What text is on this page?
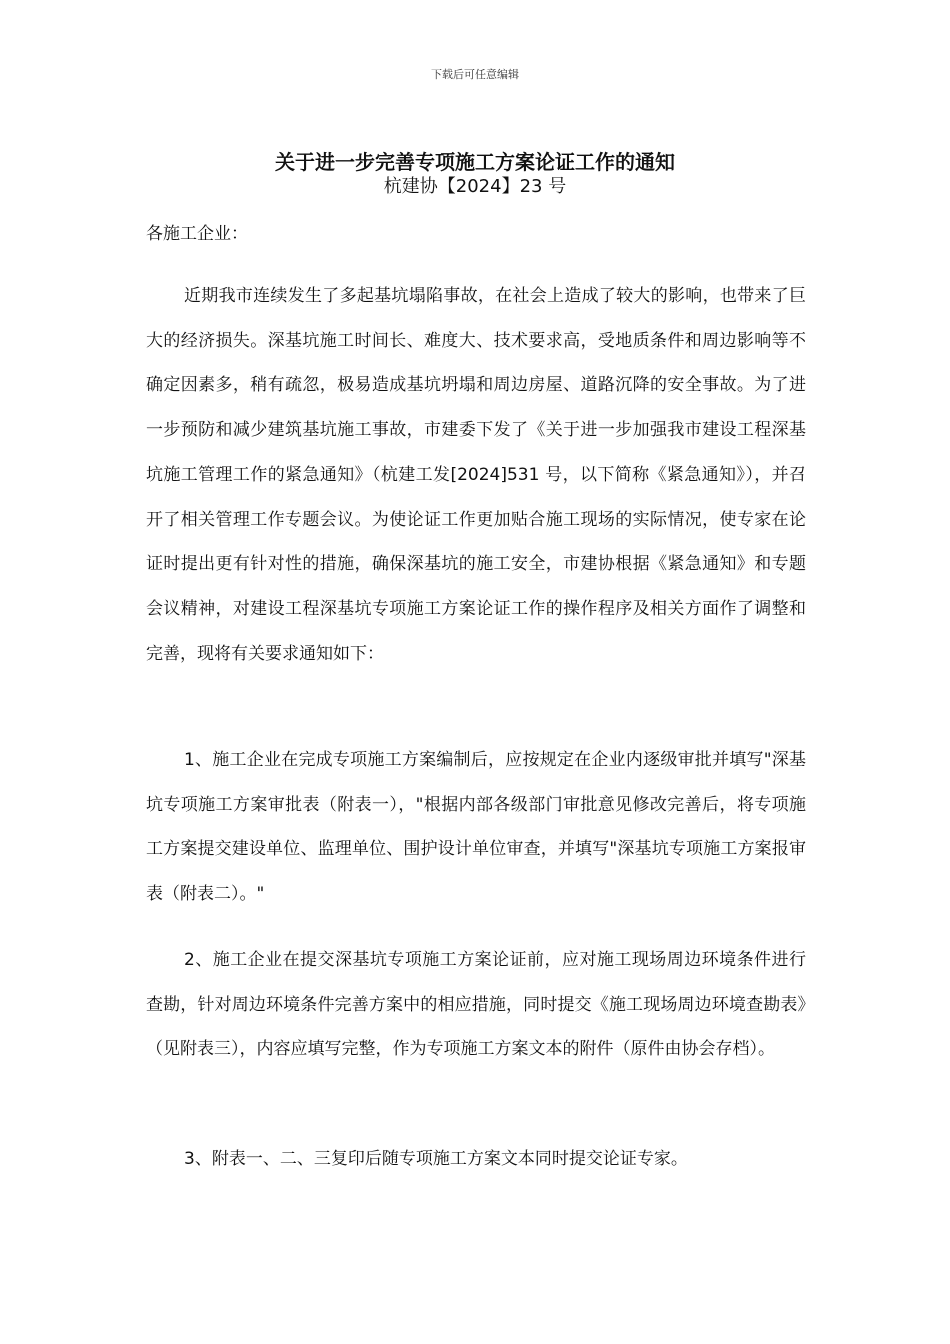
下载后可任意编辑
关于进一步完善专项施工方案论证工作的通知
杭建协【2024】23 号
各施工企业：

近期我市连续发生了多起基坑塌陷事故，在社会上造成了较大的影响，也带来了巨大的经济损失。深基坑施工时间长、难度大、技术要求高，受地质条件和周边影响等不确定因素多，稍有疏忽，极易造成基坑坍塌和周边房屋、道路沉降的安全事故。为了进一步预防和减少建筑基坑施工事故，市建委下发了《关于进一步加强我市建设工程深基坑施工管理工作的紧急通知》（杭建工发[2024]531 号，以下简称《紧急通知》），并召开了相关管理工作专题会议。为使论证工作更加贴合施工现场的实际情况，使专家在论证时提出更有针对性的措施，确保深基坑的施工安全，市建协根据《紧急通知》和专题会议精神，对建设工程深基坑专项施工方案论证工作的操作程序及相关方面作了调整和完善，现将有关要求通知如下：

1、施工企业在完成专项施工方案编制后，应按规定在企业内逐级审批并填写"深基坑专项施工方案审批表（附表一），"根据内部各级部门审批意见修改完善后，将专项施工方案提交建设单位、监理单位、围护设计单位审查，并填写"深基坑专项施工方案报审表（附表二）。"

2、施工企业在提交深基坑专项施工方案论证前，应对施工现场周边环境条件进行查勘，针对周边环境条件完善方案中的相应措施，同时提交《施工现场周边环境查勘表》（见附表三），内容应填写完整，作为专项施工方案文本的附件（原件由协会存档）。

3、附表一、二、三复印后随专项施工方案文本同时提交论证专家。
